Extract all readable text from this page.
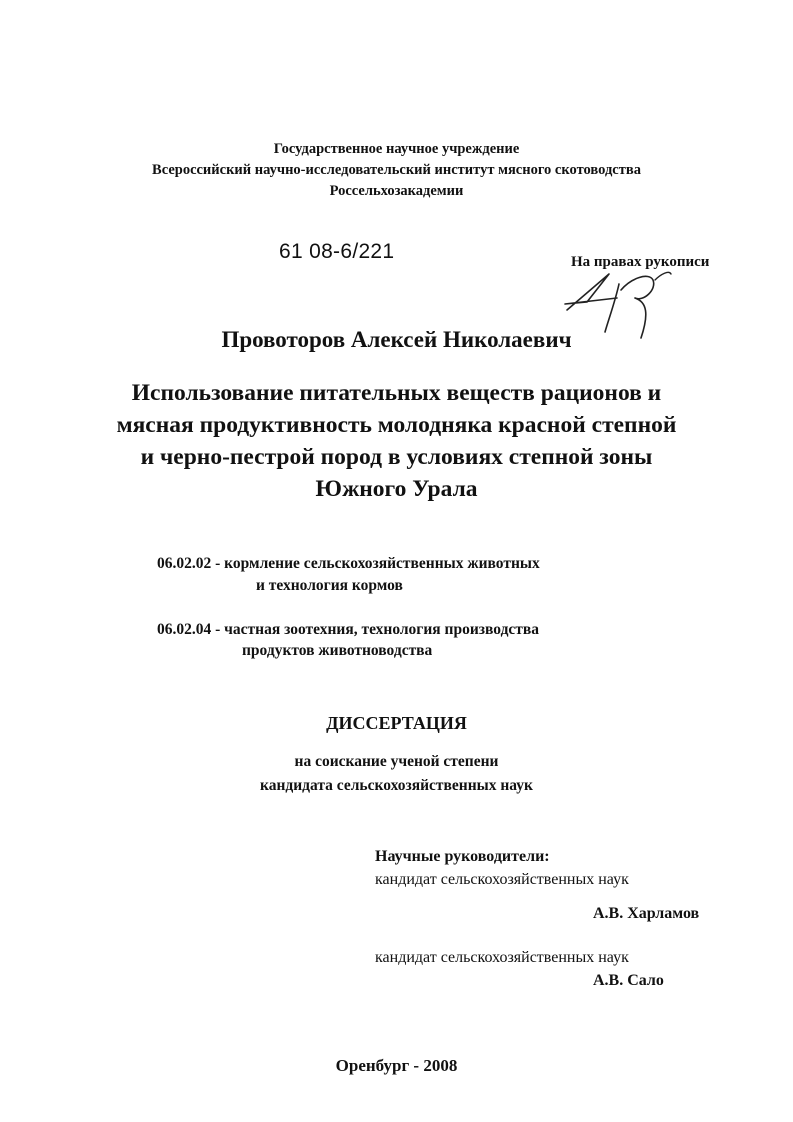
Государственное научное учреждение
Всероссийский научно-исследовательский институт мясного скотоводства
Россельхозакадемии
61 08-6/221	На правах рукописи
Провоторов Алексей Николаевич
Использование питательных веществ рационов и
мясная продуктивность молодняка красной степной
и черно-пестрой пород в условиях степной зоны
Южного Урала
06.02.02 - кормление сельскохозяйственных животных
и технология кормов
06.02.04 - частная зоотехния, технология производства
продуктов животноводства
ДИССЕРТАЦИЯ
на соискание ученой степени
кандидата сельскохозяйственных наук
Научные руководители:
кандидат сельскохозяйственных наук
А.В. Харламов
кандидат сельскохозяйственных наук
А.В. Сало
Оренбург - 2008
